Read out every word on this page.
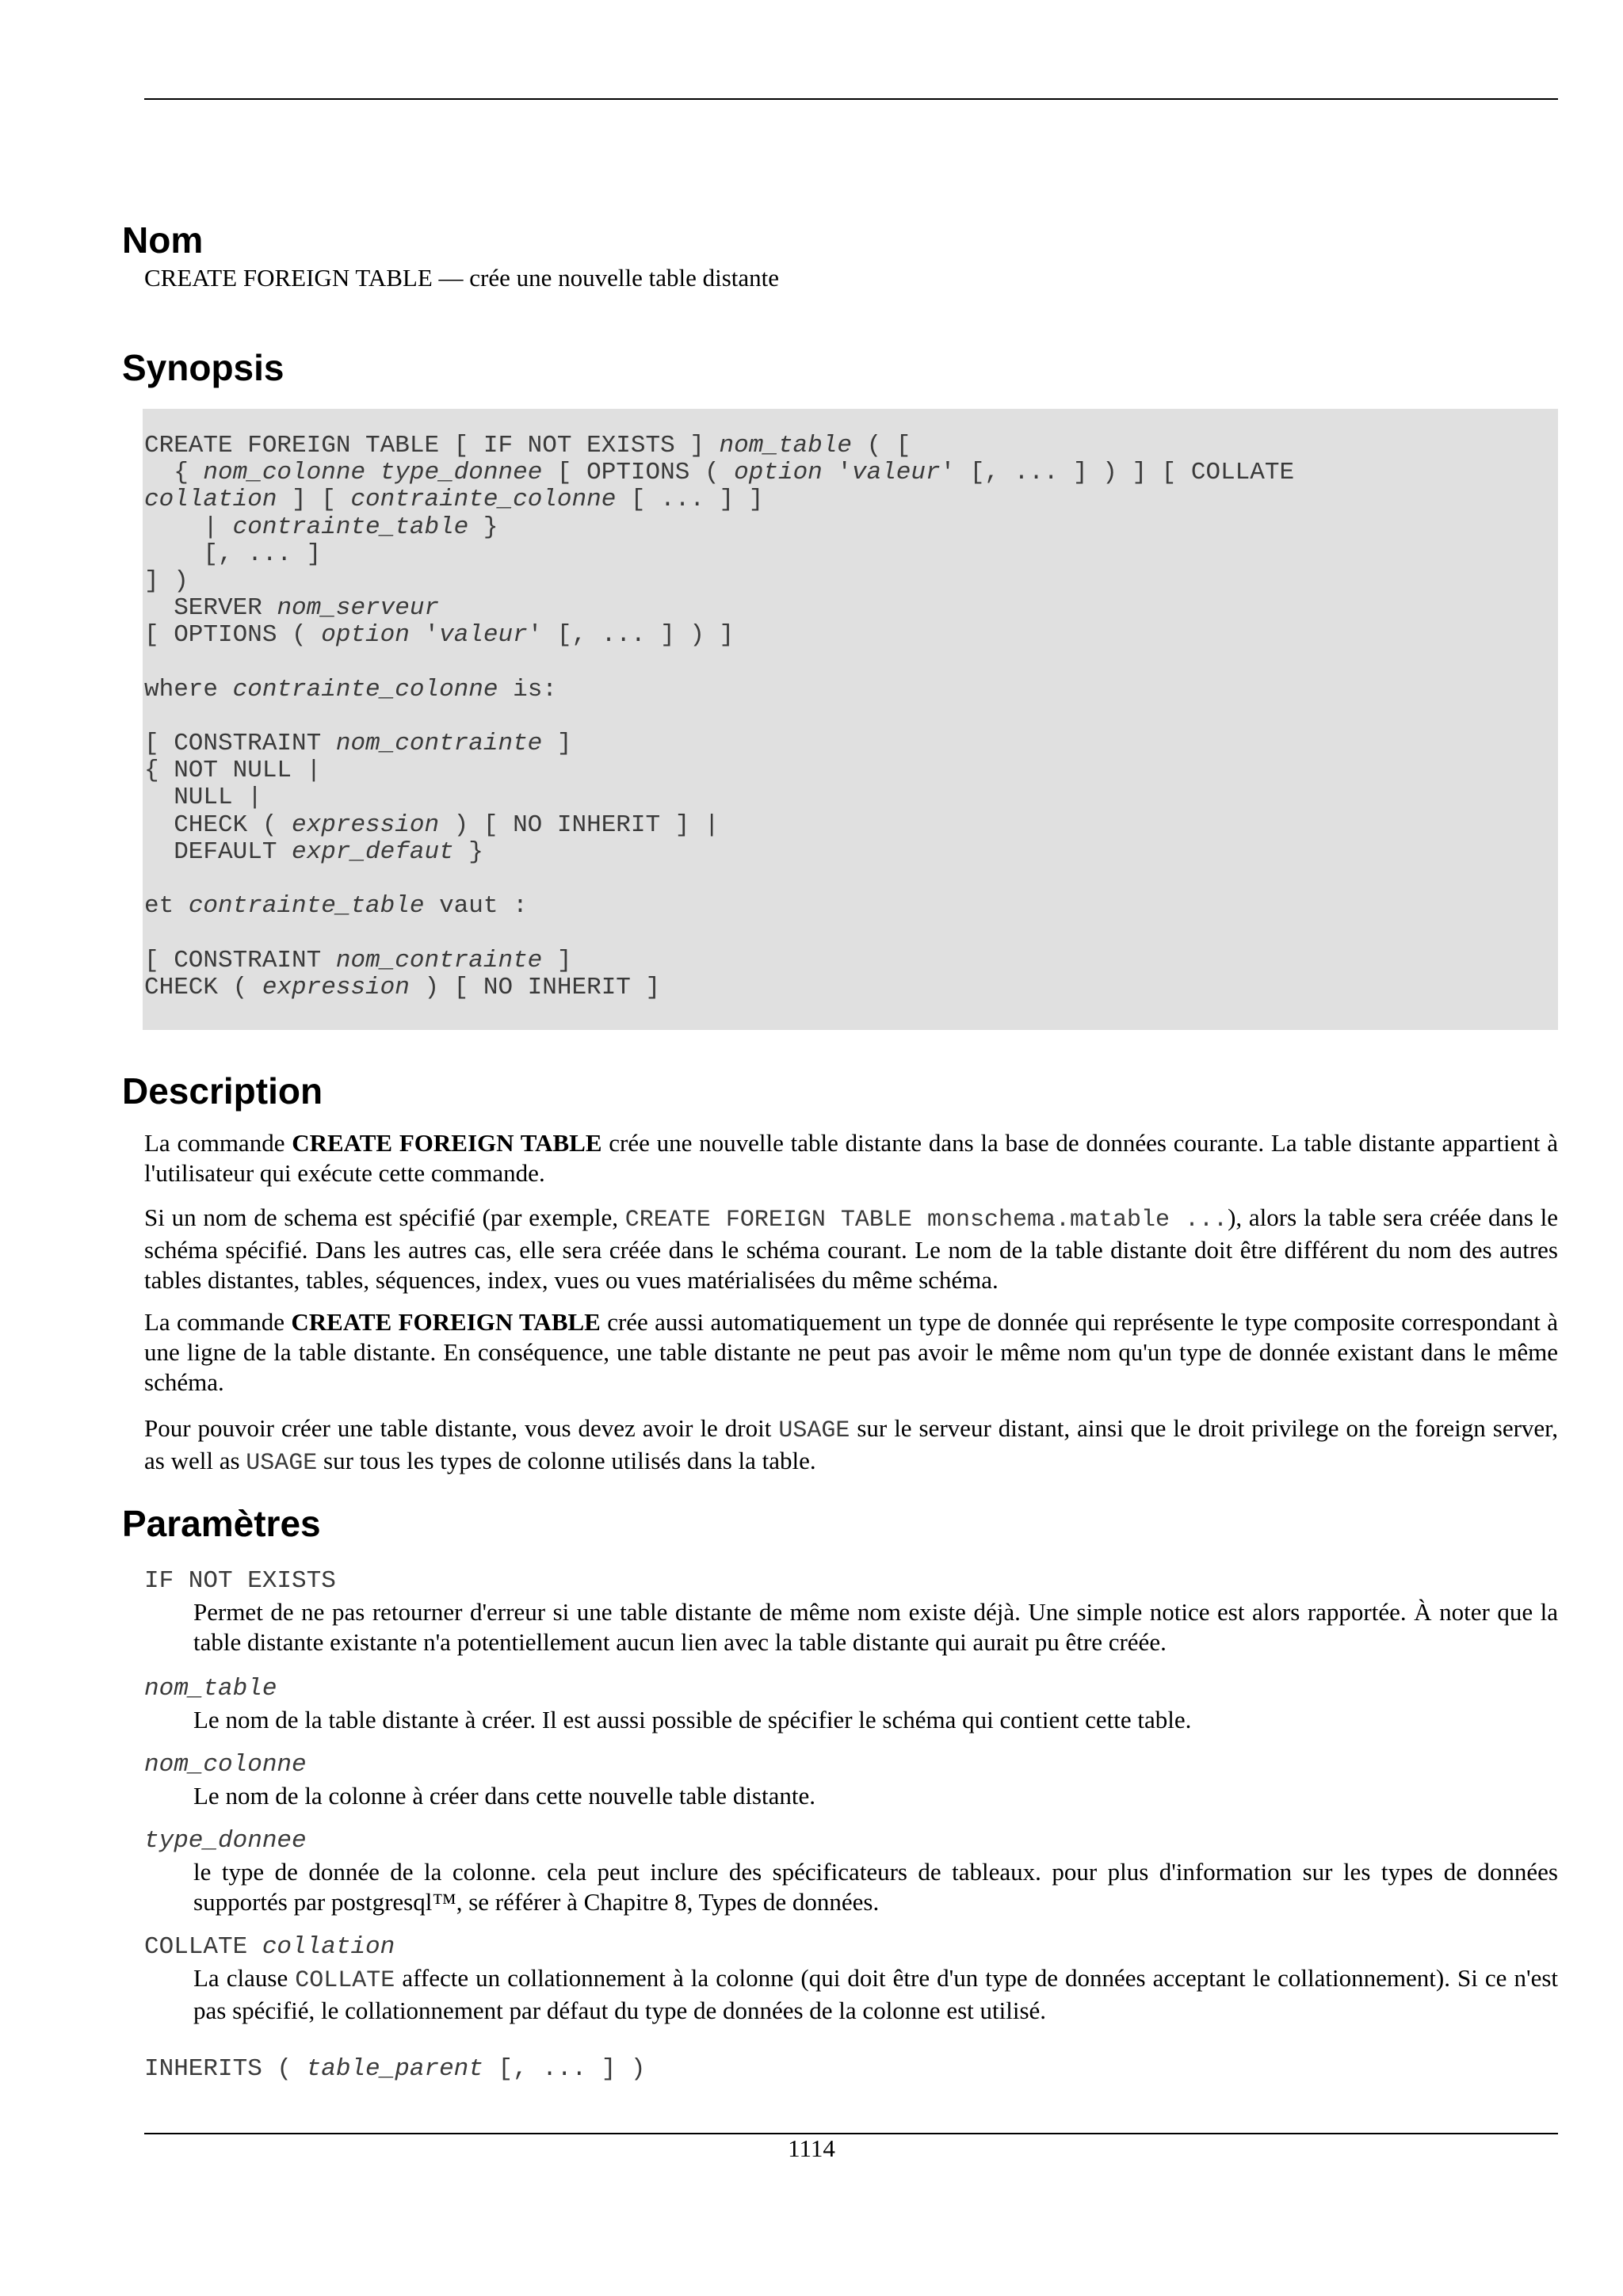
Nom

CREATE FOREIGN TABLE — crée une nouvelle table distante

Synopsis
CREATE FOREIGN TABLE [ IF NOT EXISTS ] nom_table ( [
{ nom_colonne type_donnee [ OPTIONS ( option 'valeur' [, ... ] ) ] [ COLLATE
collation ] [ contrainte_colonne [ ... ] ]
| contrainte_table }
[, ... ]
] )
SERVER nom_serveur
[ OPTIONS ( option 'valeur' [, ... ] ) ]
where contrainte_colonne is:
[ CONSTRAINT nom_contrainte ]
{ NOT NULL |
NULL |
CHECK ( expression ) [ NO INHERIT ] |
DEFAULT expr_defaut }
et contrainte_table vaut :
[ CONSTRAINT nom_contrainte ]
CHECK ( expression ) [ NO INHERIT ]
Description

La commande CREATE FOREIGN TABLE crée une nouvelle table distante dans la base de données courante. La table distante appartient à l'utilisateur qui exécute cette commande.

Si un nom de schema est spécifié (par exemple, CREATE FOREIGN TABLE monschema.matable ...), alors la table sera créée dans le schéma spécifié. Dans les autres cas, elle sera créée dans le schéma courant. Le nom de la table distante doit être différent du nom des autres tables distantes, tables, séquences, index, vues ou vues matérialisées du même schéma.

La commande CREATE FOREIGN TABLE crée aussi automatiquement un type de donnée qui représente le type composite correspondant à une ligne de la table distante. En conséquence, une table distante ne peut pas avoir le même nom qu'un type de donnée existant dans le même schéma.

Pour pouvoir créer une table distante, vous devez avoir le droit USAGE sur le serveur distant, ainsi que le droit privilege on the foreign server, as well as USAGE sur tous les types de colonne utilisés dans la table.

Paramètres

IF NOT EXISTS

Permet de ne pas retourner d'erreur si une table distante de même nom existe déjà. Une simple notice est alors rapportée. À noter que la table distante existante n'a potentiellement aucun lien avec la table distante qui aurait pu être créée.

nom_table

Le nom de la table distante à créer. Il est aussi possible de spécifier le schéma qui contient cette table.

nom_colonne

Le nom de la colonne à créer dans cette nouvelle table distante.

type_donnee

le type de donnée de la colonne. cela peut inclure des spécificateurs de tableaux. pour plus d'information sur les types de données supportés par postgresql™, se référer à Chapitre 8, Types de données.

COLLATE collation

La clause COLLATE affecte un collationnement à la colonne (qui doit être d'un type de données acceptant le collationnement). Si ce n'est pas spécifié, le collationnement par défaut du type de données de la colonne est utilisé.

INHERITS ( table_parent [, ... ] )

1114
